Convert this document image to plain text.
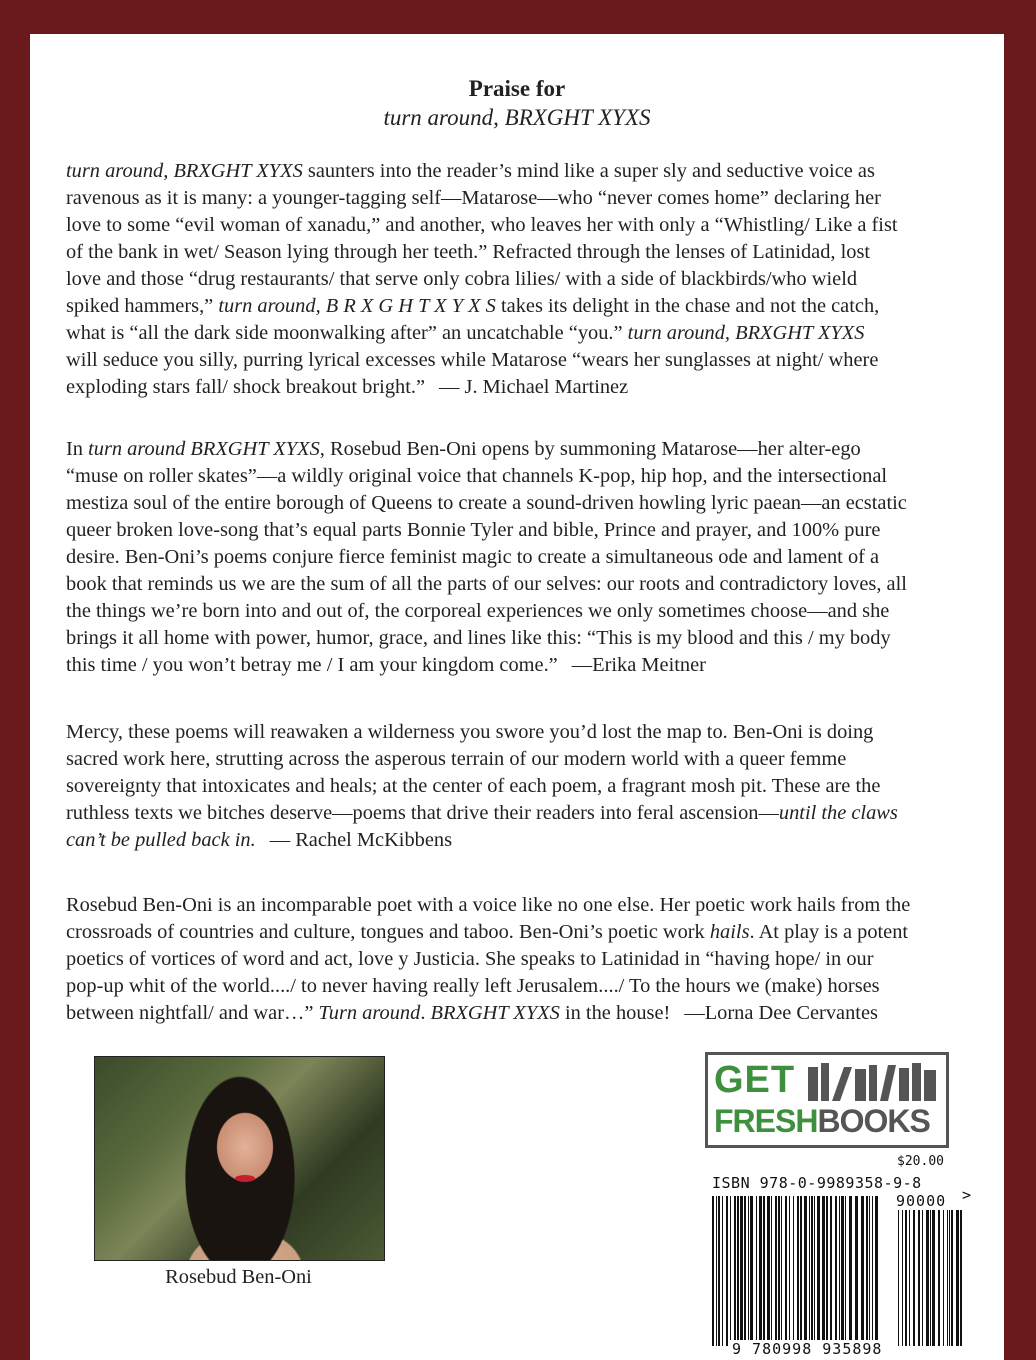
Praise for
turn around, BRXGHT XYXS
turn around, BRXGHT XYXS saunters into the reader’s mind like a super sly and seductive voice as
ravenous as it is many: a younger-tagging self—Matarose—who “never comes home” declaring her
love to some “evil woman of xanadu,” and another, who leaves her with only a “Whistling/ Like a fist
of the bank in wet/ Season lying through her teeth.” Refracted through the lenses of Latinidad, lost
love and those “drug restaurants/ that serve only cobra lilies/ with a side of blackbirds/who wield
spiked hammers,” turn around, B R X G H T X Y X S takes its delight in the chase and not the catch,
what is “all the dark side moonwalking after” an uncatchable “you.” turn around, BRXGHT XYXS
will seduce you silly, purring lyrical excesses while Matarose “wears her sunglasses at night/ where
exploding stars fall/ shock breakout bright.” — J. Michael Martinez
In turn around BRXGHT XYXS, Rosebud Ben-Oni opens by summoning Matarose—her alter-ego
“muse on roller skates”—a wildly original voice that channels K-pop, hip hop, and the intersectional
mestiza soul of the entire borough of Queens to create a sound-driven howling lyric paean—an ecstatic
queer broken love-song that’s equal parts Bonnie Tyler and bible, Prince and prayer, and 100% pure
desire. Ben-Oni’s poems conjure fierce feminist magic to create a simultaneous ode and lament of a
book that reminds us we are the sum of all the parts of our selves: our roots and contradictory loves, all
the things we’re born into and out of, the corporeal experiences we only sometimes choose—and she
brings it all home with power, humor, grace, and lines like this: “This is my blood and this / my body
this time / you won’t betray me / I am your kingdom come.” —Erika Meitner
Mercy, these poems will reawaken a wilderness you swore you’d lost the map to. Ben-Oni is doing
sacred work here, strutting across the asperous terrain of our modern world with a queer femme
sovereignty that intoxicates and heals; at the center of each poem, a fragrant mosh pit. These are the
ruthless texts we bitches deserve—poems that drive their readers into feral ascension—until the claws
can’t be pulled back in. — Rachel McKibbens
Rosebud Ben-Oni is an incomparable poet with a voice like no one else. Her poetic work hails from the
crossroads of countries and culture, tongues and taboo. Ben-Oni’s poetic work hails. At play is a potent
poetics of vortices of word and act, love y Justicia. She speaks to Latinidad in “having hope/ in our
pop-up whit of the world..../ to never having really left Jerusalem..../ To the hours we (make) horses
between nightfall/ and war…” Turn around. BRXGHT XYXS in the house! —Lorna Dee Cervantes
Rosebud Ben-Oni
GET
FRESHBOOKS
$20.00
ISBN 978-0-9989358-9-8
90000 >
9 780998 935898
